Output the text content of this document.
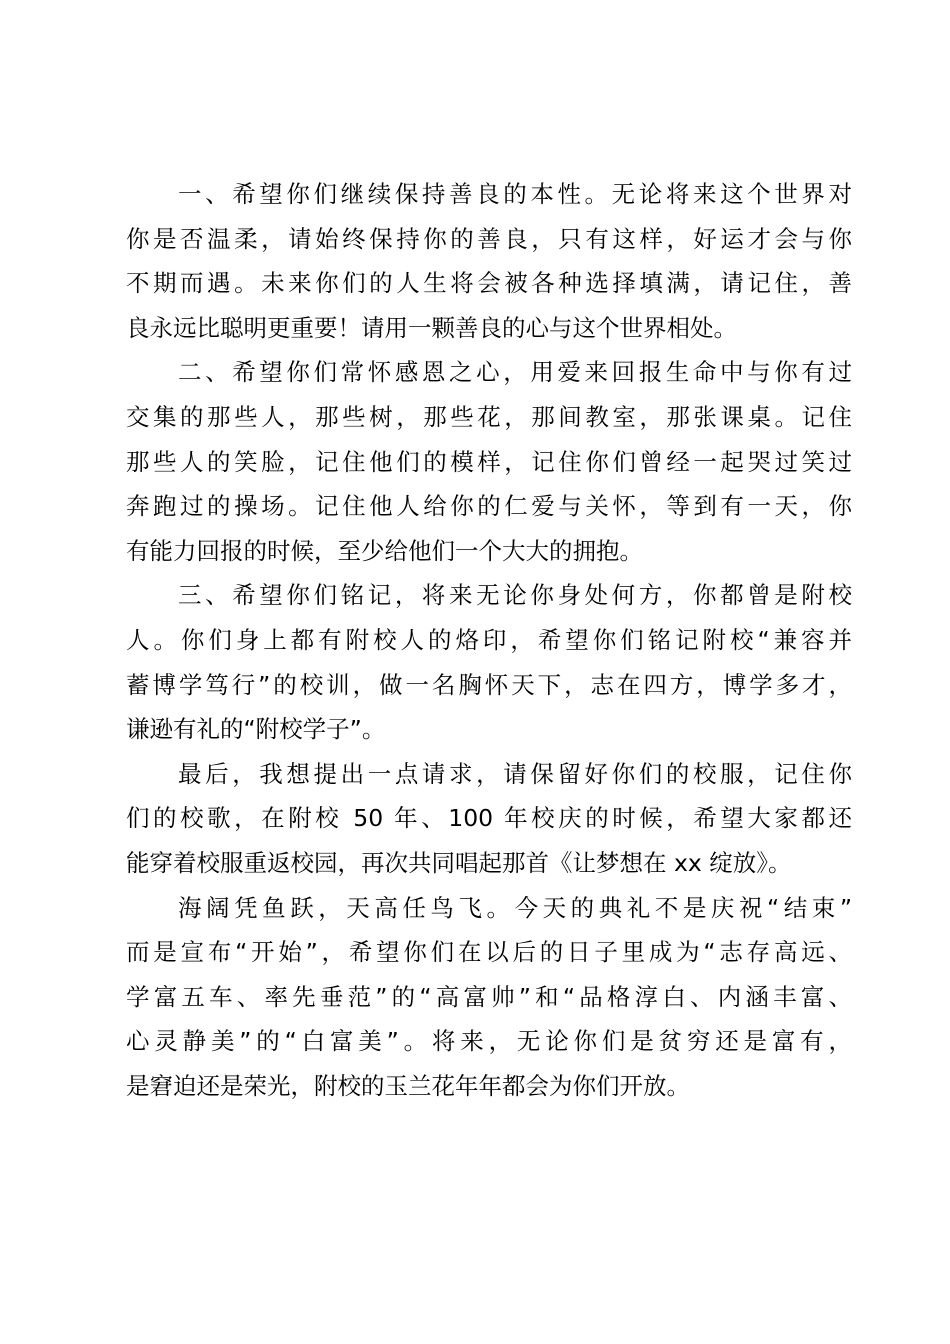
一、希望你们继续保持善良的本性。无论将来这个世界对
你是否温柔，请始终保持你的善良，只有这样，好运才会与你
不期而遇。未来你们的人生将会被各种选择填满，请记住，善
良永远比聪明更重要！请用一颗善良的心与这个世界相处。
二、希望你们常怀感恩之心，用爱来回报生命中与你有过
交集的那些人，那些树，那些花，那间教室，那张课桌。记住
那些人的笑脸，记住他们的模样，记住你们曾经一起哭过笑过
奔跑过的操场。记住他人给你的仁爱与关怀，等到有一天，你
有能力回报的时候，至少给他们一个大大的拥抱。
三、希望你们铭记，将来无论你身处何方，你都曾是附校
人。你们身上都有附校人的烙印，希望你们铭记附校“兼容并
蓄博学笃行”的校训，做一名胸怀天下，志在四方，博学多才，
谦逊有礼的“附校学子”。
最后，我想提出一点请求，请保留好你们的校服，记住你
们的校歌，在附校 50 年、100 年校庆的时候，希望大家都还
能穿着校服重返校园，再次共同唱起那首《让梦想在 xx 绽放》。
海阔凭鱼跃，天高任鸟飞。今天的典礼不是庆祝“结束”
而是宣布“开始”，希望你们在以后的日子里成为“志存高远、
学富五车、率先垂范”的“高富帅”和“品格淳白、内涵丰富、
心灵静美”的“白富美”。将来，无论你们是贫穷还是富有，
是窘迫还是荣光，附校的玉兰花年年都会为你们开放。
